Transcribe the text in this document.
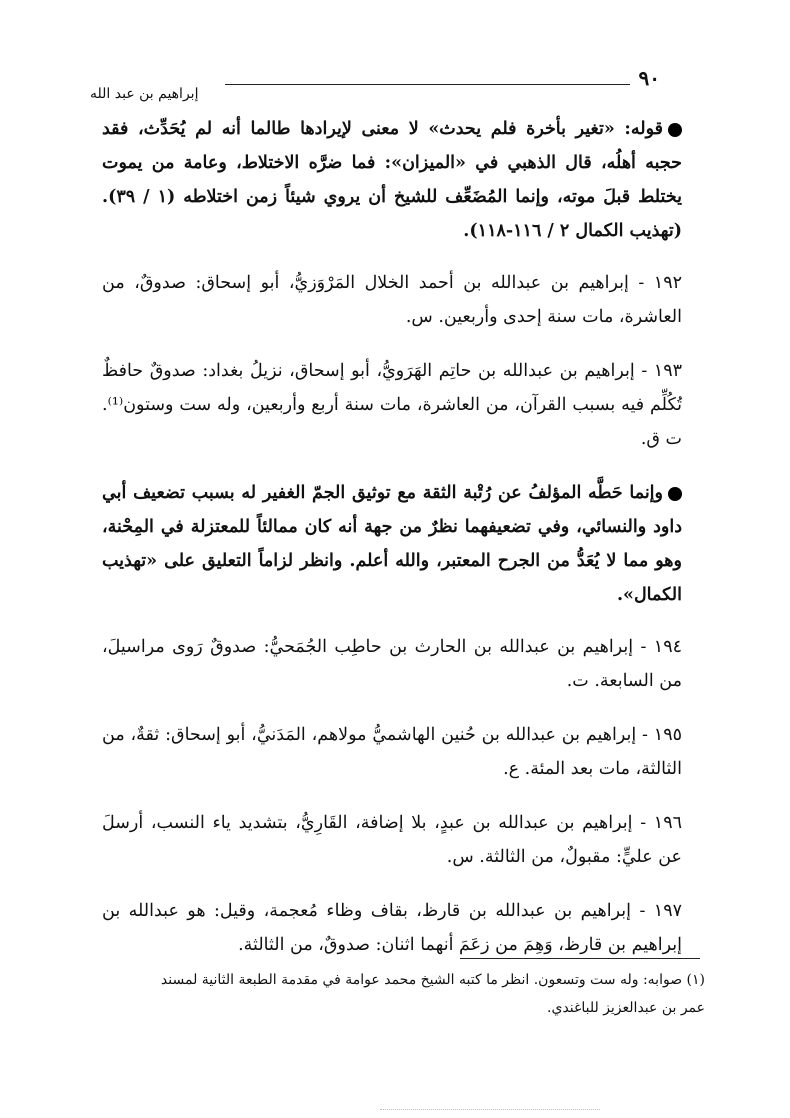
٩٠
إبراهيم بن عبد الله

قوله: «تغير بأخرة فلم يحدث» لا معنى لإيرادها طالما أنه لم يُحَدِّث، فقد حجبه أهلُه، قال الذهبي في «الميزان»: فما ضرَّه الاختلاط، وعامة من يموت يختلط قبلَ موته، وإنما المُضَعِّف للشيخ أن يروي شيئاً زمن اختلاطه (١ / ٣٩). (تهذيب الكمال ٢ / ١١٦-١١٨).

١٩٢ - إبراهيم بن عبدالله بن أحمد الخلال المَرْوَزيُّ، أبو إسحاق: صدوقٌ، من العاشرة، مات سنة إحدى وأربعين. س.

١٩٣ - إبراهيم بن عبدالله بن حاتِم الهَرَويُّ، أبو إسحاق، نزيلُ بغداد: صدوقٌ حافظٌ تُكُلِّم فيه بسبب القرآن، من العاشرة، مات سنة أربع وأربعين، وله ست وستون⁽¹⁾. ت ق.

وإنما حَطَّه المؤلفُ عن رُتْبة الثقة مع توثيق الجمّ الغفير له بسبب تضعيف أبي داود والنسائي، وفي تضعيفهما نظرٌ من جهة أنه كان ممالئاً للمعتزلة في المِحْنة، وهو مما لا يُعَدُّ من الجرح المعتبر، والله أعلم. وانظر لزاماً التعليق على «تهذيب الكمال».

١٩٤ - إبراهيم بن عبدالله بن الحارث بن حاطِب الجُمَحيُّ: صدوقٌ رَوى مراسيلَ، من السابعة. ت.

١٩٥ - إبراهيم بن عبدالله بن حُنين الهاشميُّ مولاهم، المَدَنيُّ، أبو إسحاق: ثقةٌ، من الثالثة، مات بعد المئة. ع.

١٩٦ - إبراهيم بن عبدالله بن عبدٍ، بلا إضافة، القَارِيُّ، بتشديد ياء النسب، أرسلَ عن عليٍّ: مقبولٌ، من الثالثة. س.

١٩٧ - إبراهيم بن عبدالله بن قارظ، بقاف وظاء مُعجمة، وقيل: هو عبدالله بن إبراهيم بن قارظ، وَهِمَ من زعَمَ أنهما اثنان: صدوقٌ، من الثالثة.

(١) صوابه: وله ست وتسعون. انظر ما كتبه الشيخ محمد عوامة في مقدمة الطبعة الثانية لمسند
عمر بن عبدالعزيز للباغندي.
